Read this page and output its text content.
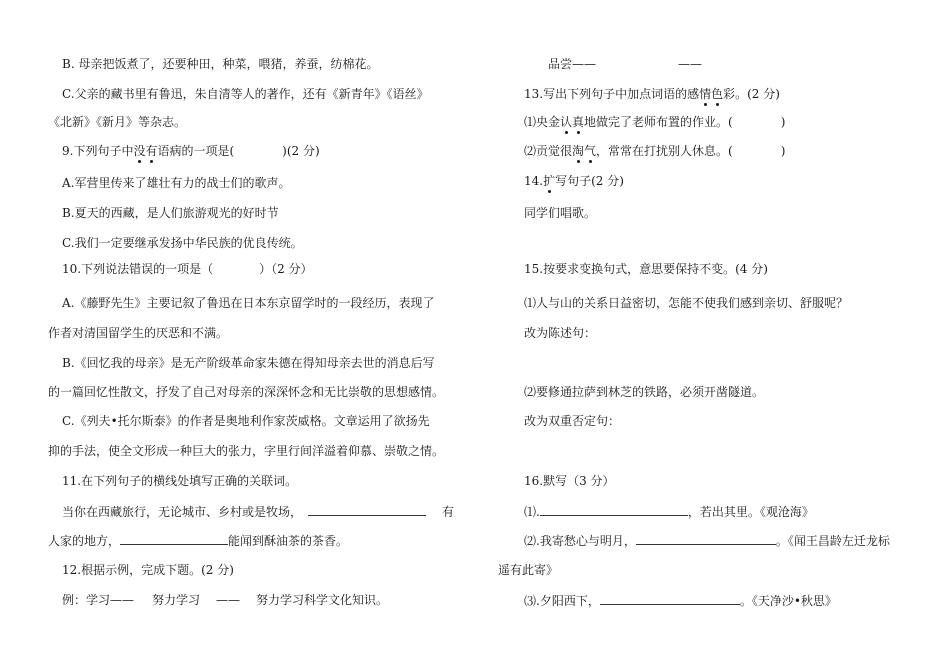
B. 母亲把饭煮了，还要种田，种菜，喂猪，养蚕，纺棉花。
C.父亲的藏书里有鲁迅，朱自清等人的著作，还有《新青年》《语丝》
《北新》《新月》等杂志。
9.下列句子中没有语病的一项是(	)(2 分)
A.军营里传来了雄壮有力的战士们的歌声。
B.夏天的西藏，是人们旅游观光的好时节
C.我们一定要继承发扬中华民族的优良传统。
10.下列说法错误的一项是（	）（2 分）
A.《藤野先生》主要记叙了鲁迅在日本东京留学时的一段经历，表现了
作者对清国留学生的厌恶和不满。
B.《回忆我的母亲》是无产阶级革命家朱德在得知母亲去世的消息后写
的一篇回忆性散文，抒发了自己对母亲的深深怀念和无比崇敬的思想感情。
C.《列夫•托尔斯泰》的作者是奥地利作家茨威格。文章运用了欲扬先
抑的手法，使全文形成一种巨大的张力，字里行间洋溢着仰慕、崇敬之情。
11.在下列句子的横线处填写正确的关联词。
当你在西藏旅行，无论城市、乡村或是牧场，	有
人家的地方，	能闻到酥油茶的茶香。
12.根据示例，完成下题。(2 分)
例：学习—— 努力学习 —— 努力学习科学文化知识。
品尝——	——
13.写出下列句子中加点词语的感情色彩。(2 分)
⑴央金认真地做完了老师布置的作业。(	)
⑵贡觉很淘气，常常在打扰别人休息。(	)
14.扩写句子(2 分)
同学们唱歌。
15.按要求变换句式，意思要保持不变。(4 分)
⑴人与山的关系日益密切，怎能不使我们感到亲切、舒服呢？
改为陈述句：
⑵要修通拉萨到林芝的铁路，必须开凿隧道。
改为双重否定句：
16.默写（3 分）
⑴.	，若出其里。《观沧海》
⑵.我寄愁心与明月，	。《闻王昌龄左迁龙标
遥有此寄》
⑶.夕阳西下，	。《天净沙•秋思》
